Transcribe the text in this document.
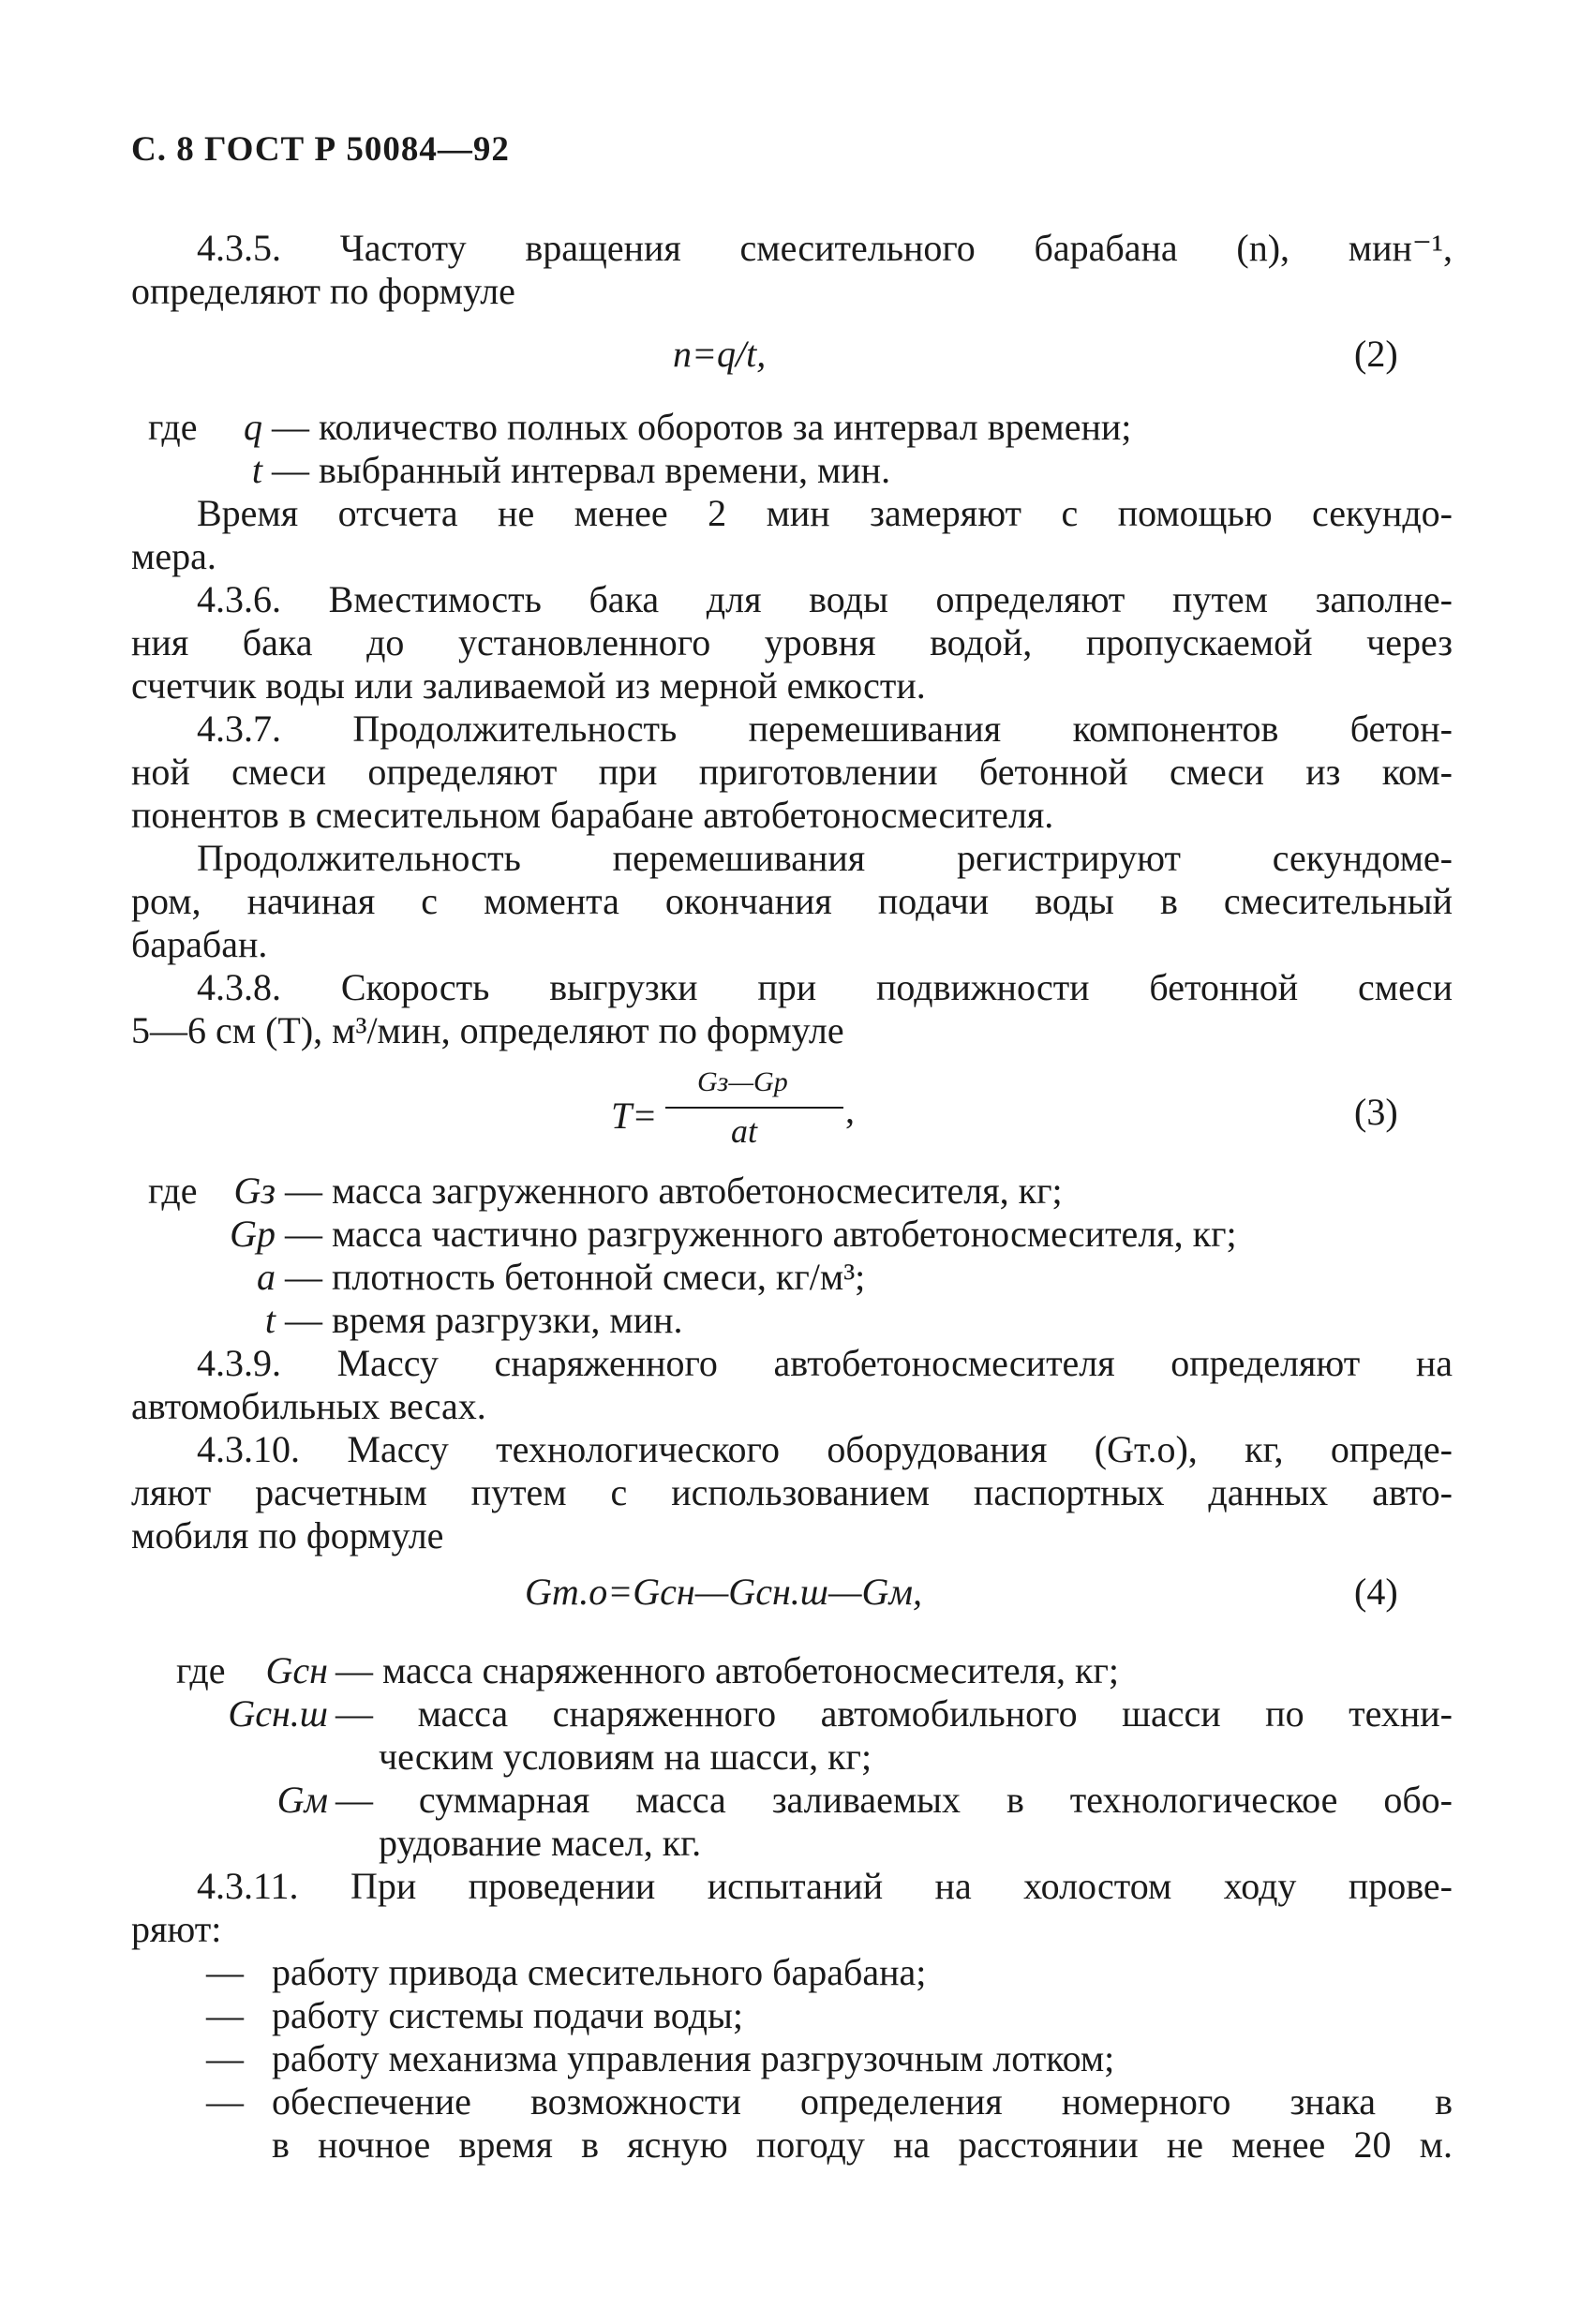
С. 8 ГОСТ Р 50084—92
4.3.5. Частоту вращения смесительного барабана (n), мин⁻¹,
определяют по формуле
n=q/t,	(2)
где	q — количество полных оборотов за интервал времени;
t — выбранный интервал времени, мин.
Время отсчета не менее 2 мин замеряют с помощью секундо-
мера.
4.3.6. Вместимость бака для воды определяют путем заполне-
ния бака до установленного уровня водой, пропускаемой через
счетчик воды или заливаемой из мерной емкости.
4.3.7. Продолжительность перемешивания компонентов бетон-
ной смеси определяют при приготовлении бетонной смеси из ком-
понентов в смесительном барабане автобетоносмесителя.
Продолжительность перемешивания регистрируют секундоме-
ром, начиная с момента окончания подачи воды в смесительный
барабан.
4.3.8. Скорость выгрузки при подвижности бетонной смеси
5—6 см (T), м³/мин, определяют по формуле
T=
Gз—Gр
at ,	(3)
где Gз — масса загруженного автобетоносмесителя, кг;
Gр — масса частично разгруженного автобетоносмесителя, кг;
a — плотность бетонной смеси, кг/м³;
t — время разгрузки, мин.
4.3.9. Массу снаряженного автобетоносмесителя определяют на
автомобильных весах.
4.3.10. Массу технологического оборудования (Gт.о), кг, опреде-
ляют расчетным путем с использованием паспортных данных авто-
мобиля по формуле
Gт.о=Gсн—Gсн.ш—Gм,	(4)
где	Gсн — масса снаряженного автобетоносмесителя, кг;
Gсн.ш — масса снаряженного автомобильного шасси по техни-
ческим условиям на шасси, кг;
Gм — суммарная масса заливаемых в технологическое обо-
рудование масел, кг.
4.3.11. При проведении испытаний на холостом ходу прове-
ряют:
— работу привода смесительного барабана;
— работу системы подачи воды;
— работу механизма управления разгрузочным лотком;
— обеспечение возможности определения номерного знака в
в ночное время в ясную погоду на расстоянии не менее 20 м.
